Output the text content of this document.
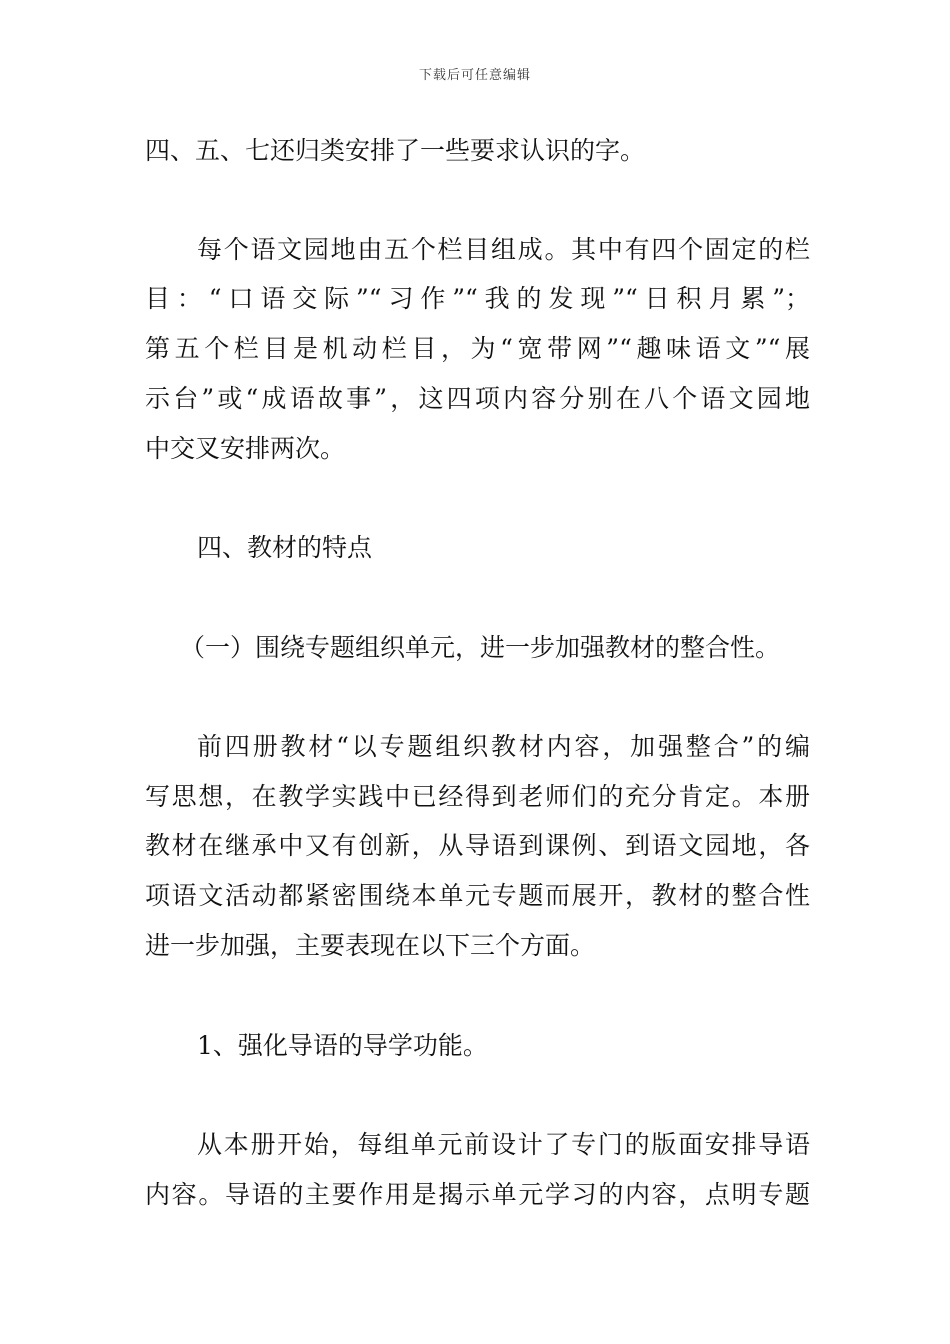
下载后可任意编辑
四、五、七还归类安排了一些要求认识的字。
每个语文园地由五个栏目组成。其中有四个固定的栏
目：“口语交际”“习作”“我的发现”“日积月累”；
第五个栏目是机动栏目，为“宽带网”“趣味语文”“展
示台”或“成语故事”，这四项内容分别在八个语文园地
中交叉安排两次。
四、教材的特点
（一）围绕专题组织单元，进一步加强教材的整合性。
前四册教材“以专题组织教材内容，加强整合”的编
写思想，在教学实践中已经得到老师们的充分肯定。本册
教材在继承中又有创新，从导语到课例、到语文园地，各
项语文活动都紧密围绕本单元专题而展开，教材的整合性
进一步加强，主要表现在以下三个方面。
1、强化导语的导学功能。
从本册开始，每组单元前设计了专门的版面安排导语
内容。导语的主要作用是揭示单元学习的内容，点明专题
